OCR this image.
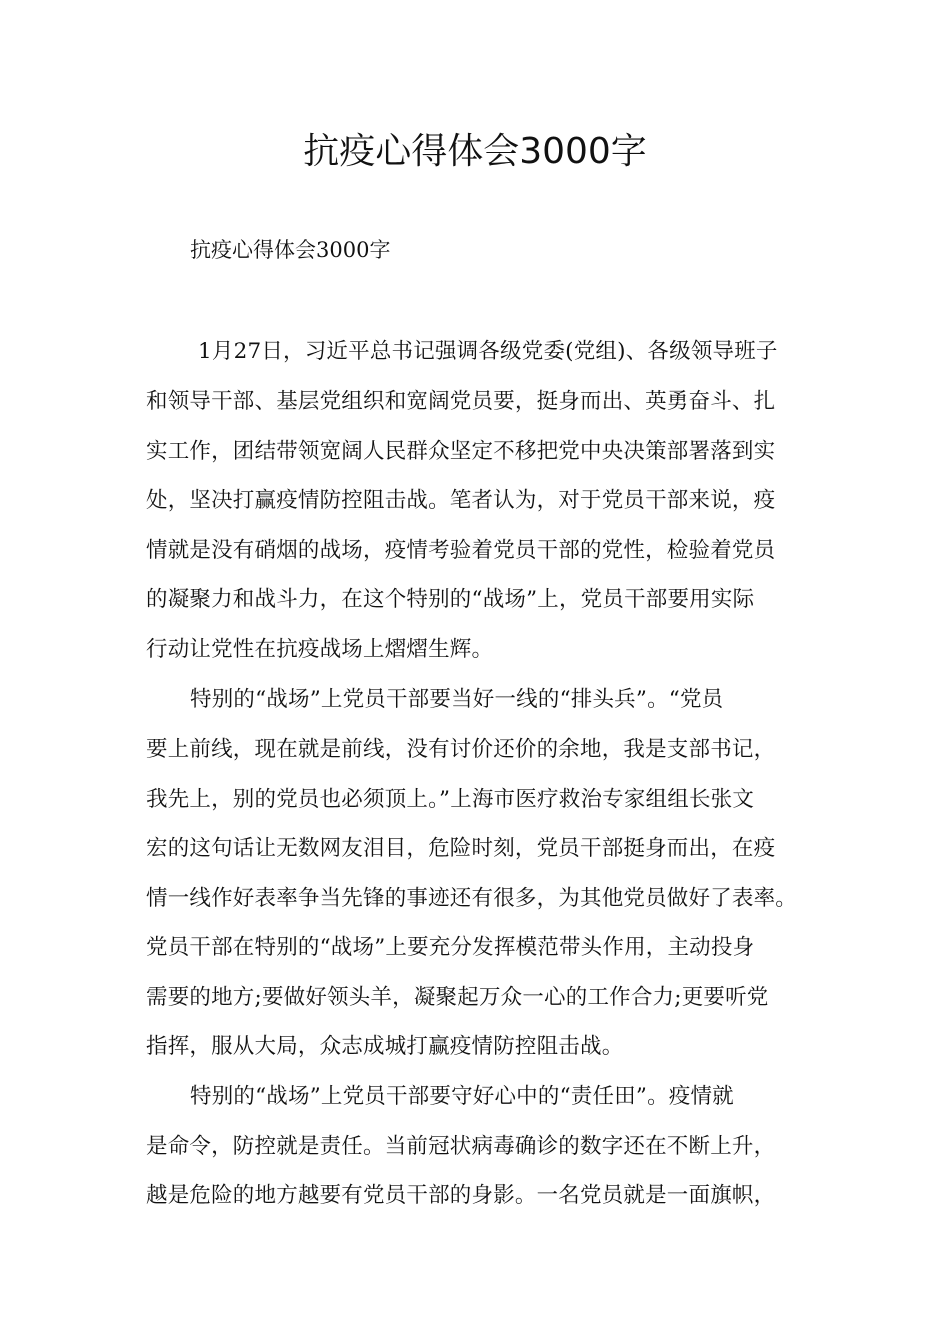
抗疫心得体会3000字
抗疫心得体会3000字
1月27日，习近平总书记强调各级党委(党组)、各级领导班子
和领导干部、基层党组织和宽阔党员要，挺身而出、英勇奋斗、扎
实工作，团结带领宽阔人民群众坚定不移把党中央决策部署落到实
处，坚决打赢疫情防控阻击战。笔者认为，对于党员干部来说，疫
情就是没有硝烟的战场，疫情考验着党员干部的党性，检验着党员
的凝聚力和战斗力，在这个特别的“战场”上，党员干部要用实际
行动让党性在抗疫战场上熠熠生辉。
特别的“战场”上党员干部要当好一线的“排头兵”。“党员
要上前线，现在就是前线，没有讨价还价的余地，我是支部书记，
我先上，别的党员也必须顶上。”上海市医疗救治专家组组长张文
宏的这句话让无数网友泪目，危险时刻，党员干部挺身而出，在疫
情一线作好表率争当先锋的事迹还有很多，为其他党员做好了表率。
党员干部在特别的“战场”上要充分发挥模范带头作用，主动投身
需要的地方;要做好领头羊，凝聚起万众一心的工作合力;更要听党
指挥，服从大局，众志成城打赢疫情防控阻击战。
特别的“战场”上党员干部要守好心中的“责任田”。疫情就
是命令，防控就是责任。当前冠状病毒确诊的数字还在不断上升，
越是危险的地方越要有党员干部的身影。一名党员就是一面旗帜，
